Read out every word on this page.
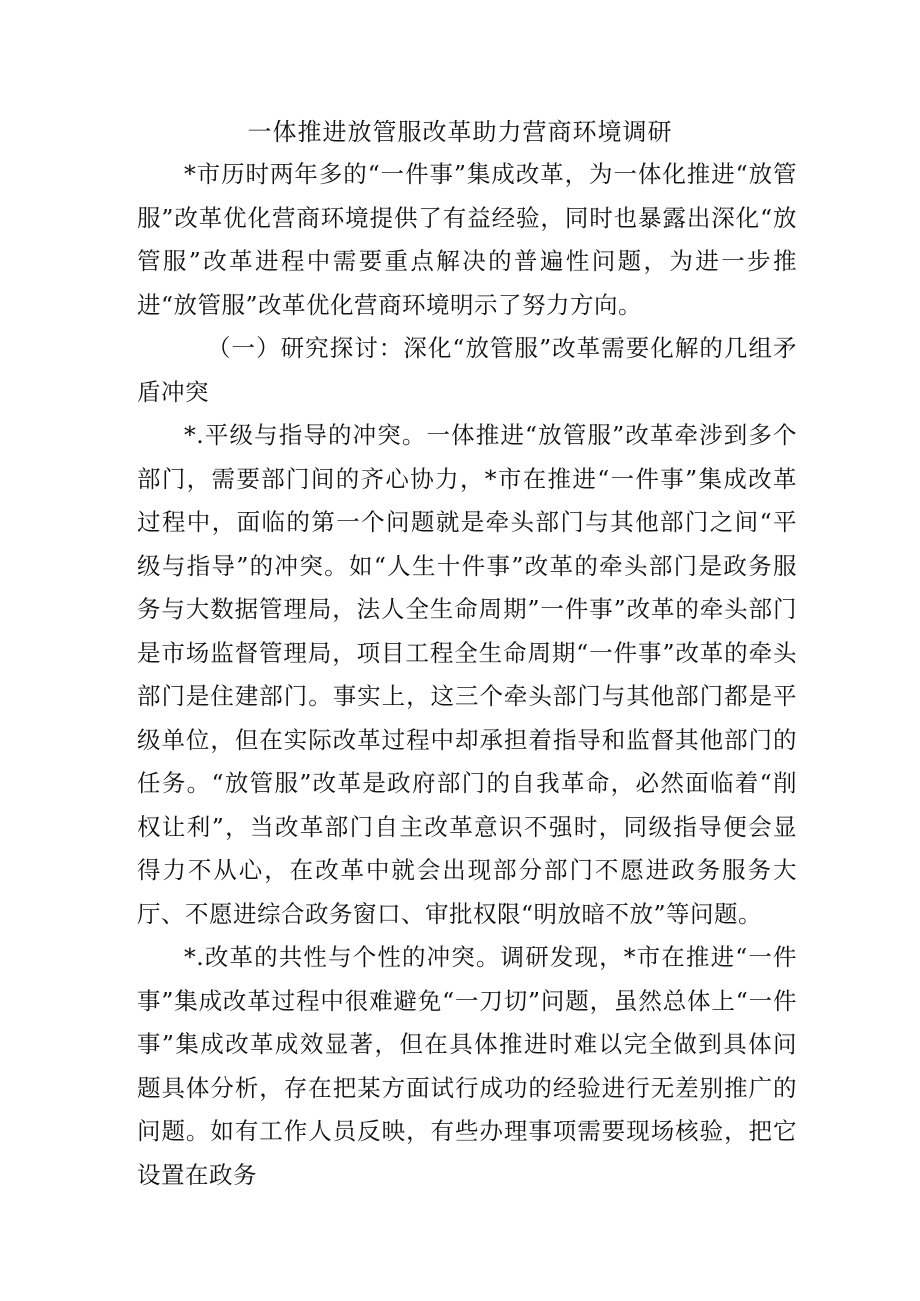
一体推进放管服改革助力营商环境调研

*市历时两年多的“一件事”集成改革，为一体化推进“放管服”改革优化营商环境提供了有益经验，同时也暴露出深化“放管服”改革进程中需要重点解决的普遍性问题，为进一步推进“放管服”改革优化营商环境明示了努力方向。

（一）研究探讨：深化“放管服”改革需要化解的几组矛盾冲突

*.平级与指导的冲突。一体推进“放管服”改革牵涉到多个部门，需要部门间的齐心协力，*市在推进“一件事”集成改革过程中，面临的第一个问题就是牵头部门与其他部门之间“平级与指导”的冲突。如“人生十件事”改革的牵头部门是政务服务与大数据管理局，法人全生命周期”一件事”改革的牵头部门是市场监督管理局，项目工程全生命周期“一件事”改革的牵头部门是住建部门。事实上，这三个牵头部门与其他部门都是平级单位，但在实际改革过程中却承担着指导和监督其他部门的任务。“放管服”改革是政府部门的自我革命，必然面临着“削权让利”，当改革部门自主改革意识不强时，同级指导便会显得力不从心，在改革中就会出现部分部门不愿进政务服务大厅、不愿进综合政务窗口、审批权限“明放暗不放”等问题。

*.改革的共性与个性的冲突。调研发现，*市在推进“一件事”集成改革过程中很难避免“一刀切”问题，虽然总体上“一件事”集成改革成效显著，但在具体推进时难以完全做到具体问题具体分析，存在把某方面试行成功的经验进行无差别推广的问题。如有工作人员反映，有些办理事项需要现场核验，把它设置在政务
